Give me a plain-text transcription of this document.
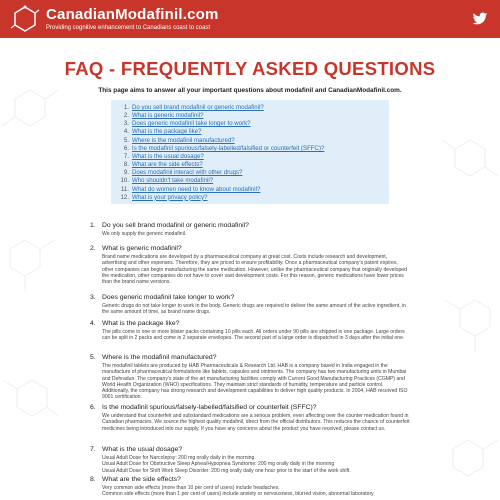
CanadianModafinil.com
Providing cognitive enhancement to Canadians coast to coast
FAQ - FREQUENTLY ASKED QUESTIONS
This page aims to answer all your important questions about modafinil and CanadianModafinil.com.
1. Do you sell brand modafinil or generic modafinil?
2. What is generic modafinil?
3. Does generic modafinil take longer to work?
4. What is the package like?
5. Where is the modafinil manufactured?
6. Is the modafinil spurious/falsely-labelled/falsified or counterfeit (SFFC)?
7. What is the usual dosage?
8. What are the side effects?
9. Does modafinil interact with other drugs?
10. Who shouldn't take modafinil?
11. What do women need to know about modafinil?
12. What is your privacy policy?
1. Do you sell brand modafinil or generic modafinil?
We only supply the generic modafinil.
2. What is generic modafinil?
Brand name medications are developed by a pharmaceutical company at great cost. Costs include research and development, advertising and other expenses. Therefore, they are priced to ensure profitability. Once a pharmaceutical company's patent expires, other companies can begin manufacturing the same medication. However, unlike the pharmaceutical company that originally developed the medication, other companies do not have to cover vast development costs. For this reason, generic medications have lower prices than the brand name versions.
3. Does generic modafinil take longer to work?
Generic drugs do not take longer to work in the body. Generic drugs are required to deliver the same amount of the active ingredient, in the same amount of time, as brand name drugs.
4. What is the package like?
The pills come in one or more blister packs containing 10 pills each. All orders under 90 pills are shipped in one package. Large orders can be split in 2 packs and come in 2 separate envelopes. The second part of a large order is dispatched in 3 days after the initial one.
5. Where is the modafinil manufactured?
The modafinil tablets are produced by HAB Pharmaceuticals & Research Ltd. HAB is a company based in India engaged in the manufacture of pharmaceutical formulations like tablets, capsules and ointments. The company has two manufacturing units in Mumbai and Dehradun. The company's state of the art manufacturing facilities comply with Current Good Manufacturing Practices (CGMP) and World Health Organization (WHO) specifications. They maintain strict standards of humidity, temperature and particle control. Additionally, the company has strong research and development capabilities to deliver high quality products. In 2004, HAB received ISO 9001 certification.
6. Is the modafinil spurious/falsely-labelled/falsified or counterfeit (SFFC)?
We understand that counterfeit and substandard medications are a serious problem, even affecting over the counter medication found in Canadian pharmacies. We source the highest quality modafinil, direct from the official distributors. This reduces the chance of counterfeit medicines being introduced into our supply. If you have any concerns about the product you have received, please contact us.
7. What is the usual dosage?
Usual Adult Dose for Narcolepsy: 200 mg orally daily in the morning.
Usual Adult Dose for Obstructive Sleep Apnea/Hypopnea Syndrome: 200 mg orally daily in the morning
Usual Adult Dose for Shift Work Sleep Disorder: 200 mg orally daily one hour prior to the start of the work shift.
8. What are the side effects?
Very common side effects (more than 10 per cent of users) include headaches.
Common side effects (more than 1 per cent of users) include anxiety or nervousness, blurred vision, abnormal laboratory
